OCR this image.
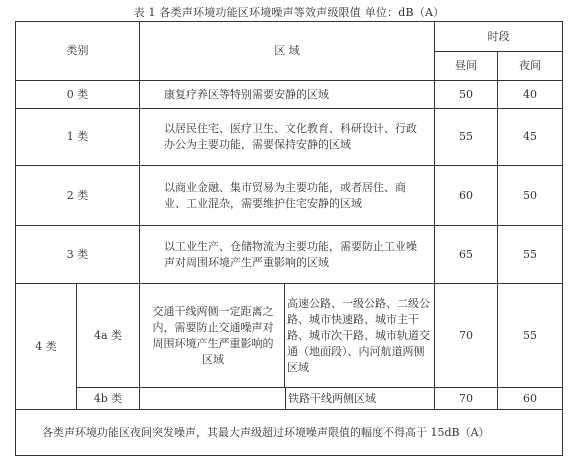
表 1 各类声环境功能区环境噪声等效声级限值 单位：dB（A）
类别		区 域		时段	
				昼间	夜间
0 类		康复疗养区等特别需要安静的区域		50	40
1 类		以居民住宅、医疗卫生、文化教育、科研设计、行政办公为主要功能，需要保持安静的区域		55	45
2 类		以商业金融、集市贸易为主要功能，或者居住、商业、工业混杂，需要维护住宅安静的区域		60	50
3 类		以工业生产、仓储物流为主要功能，需要防止工业噪声对周围环境产生严重影响的区域		65	55
4 类	4a 类	交通干线两侧一定距离之内，需要防止交通噪声对周围环境产生严重影响的区域	高速公路、一级公路、二级公路、城市快速路、城市主干路、城市次干路、城市轨道交通（地面段）、内河航道两侧区域	70	55
	4b 类	铁路干线两侧区域		70	60
各类声环境功能区夜间突发噪声，其最大声级超过环境噪声限值的幅度不得高于 15dB（A）					
